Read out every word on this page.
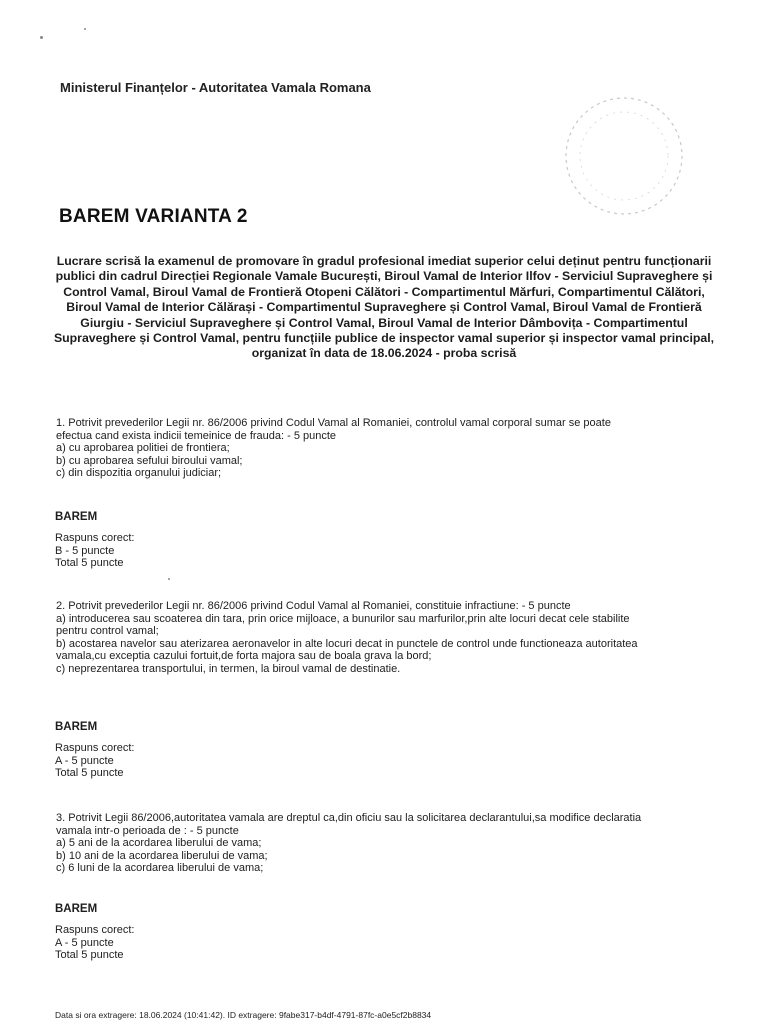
Ministerul Finanțelor - Autoritatea Vamala Romana
BAREM VARIANTA 2
Lucrare scrisă la examenul de promovare în gradul profesional imediat superior celui deținut pentru funcționarii publici din cadrul Direcției Regionale Vamale București, Biroul Vamal de Interior Ilfov - Serviciul Supraveghere și Control Vamal, Biroul Vamal de Frontieră Otopeni Călători - Compartimentul Mărfuri, Compartimentul Călători, Biroul Vamal de Interior Călărași - Compartimentul Supraveghere și Control Vamal, Biroul Vamal de Frontieră Giurgiu - Serviciul Supraveghere și Control Vamal, Biroul Vamal de Interior Dâmbovița - Compartimentul Supraveghere și Control Vamal, pentru funcțiile publice de inspector vamal superior și inspector vamal principal, organizat în data de 18.06.2024 - proba scrisă
1. Potrivit prevederilor Legii nr. 86/2006 privind Codul Vamal al Romaniei, controlul vamal corporal sumar se poate
efectua cand exista indicii temeinice de frauda: - 5 puncte
a) cu aprobarea politiei de frontiera;
b) cu aprobarea sefului biroului vamal;
c) din dispozitia organului judiciar;
BAREM
Raspuns corect:
B - 5 puncte
Total 5 puncte
2. Potrivit prevederilor Legii nr. 86/2006 privind Codul Vamal al Romaniei, constituie infractiune: - 5 puncte
a) introducerea sau scoaterea din tara, prin orice mijloace, a bunurilor sau marfurilor,prin alte locuri decat cele stabilite
pentru control vamal;
b) acostarea navelor sau aterizarea aeronavelor in alte locuri decat in punctele de control unde functioneaza autoritatea
vamala,cu exceptia cazului fortuit,de forta majora sau de boala grava la bord;
c) neprezentarea transportului, in termen, la biroul vamal de destinatie.
BAREM
Raspuns corect:
A - 5 puncte
Total 5 puncte
3. Potrivit Legii 86/2006,autoritatea vamala are dreptul ca,din oficiu sau la solicitarea declarantului,sa modifice declaratia
vamala intr-o perioada de : - 5 puncte
a) 5 ani de la acordarea liberului de vama;
b) 10 ani de la acordarea liberului de vama;
c) 6 luni de la acordarea liberului de vama;
BAREM
Raspuns corect:
A - 5 puncte
Total 5 puncte
Data si ora extragere: 18.06.2024 (10:41:42). ID extragere: 9fabe317-b4df-4791-87fc-a0e5cf2b8834
